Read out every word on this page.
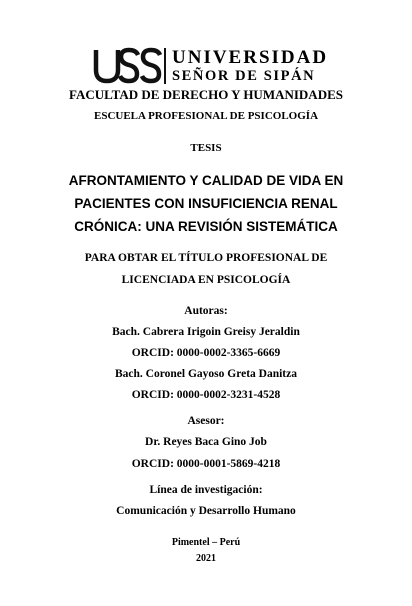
UNIVERSIDAD
SEÑOR DE SIPÁN
FACULTAD DE DERECHO Y HUMANIDADES
ESCUELA PROFESIONAL DE PSICOLOGÍA
TESIS
AFRONTAMIENTO Y CALIDAD DE VIDA EN
PACIENTES CON INSUFICIENCIA RENAL
CRÓNICA: UNA REVISIÓN SISTEMÁTICA
PARA OBTAR EL TÍTULO PROFESIONAL DE
LICENCIADA EN PSICOLOGÍA
Autoras:
Bach. Cabrera Irigoin Greisy Jeraldin
ORCID: 0000-0002-3365-6669
Bach. Coronel Gayoso Greta Danitza
ORCID: 0000-0002-3231-4528
Asesor:
Dr. Reyes Baca Gino Job
ORCID: 0000-0001-5869-4218
Línea de investigación:
Comunicación y Desarrollo Humano
Pimentel – Perú
2021
